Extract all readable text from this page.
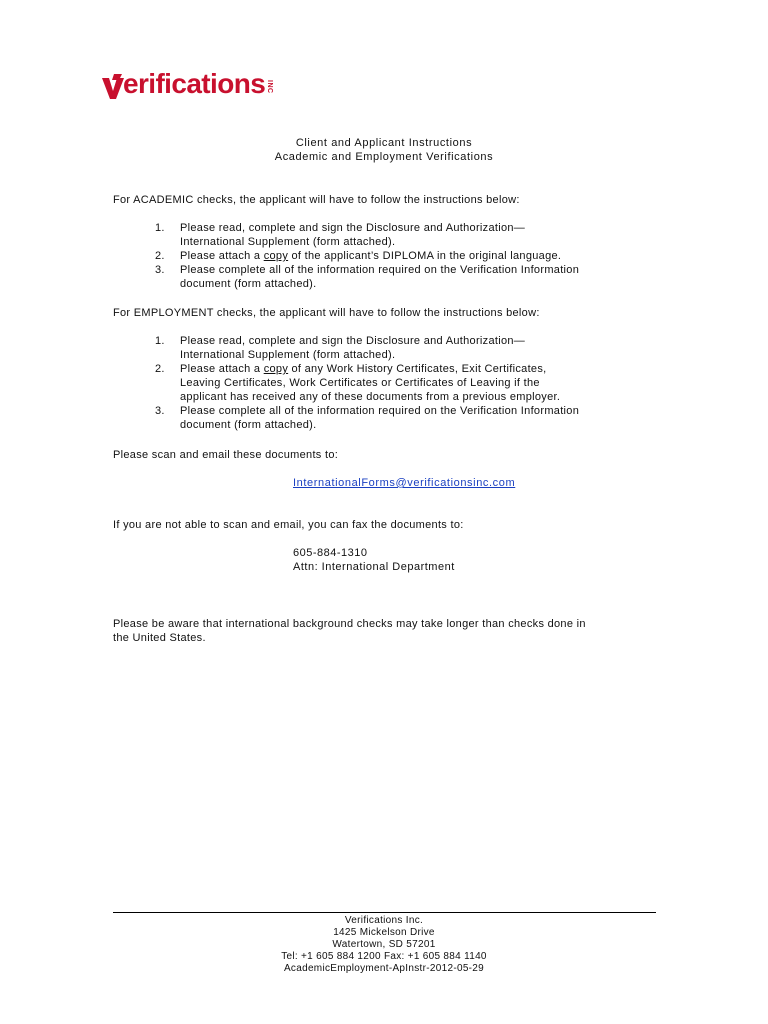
erifications INC
Client and Applicant Instructions
Academic and Employment Verifications
For ACADEMIC checks, the applicant will have to follow the instructions below:
1. Please read, complete and sign the Disclosure and Authorization—
International Supplement (form attached).
2. Please attach a copy of the applicant’s DIPLOMA in the original language.
3. Please complete all of the information required on the Verification Information
document (form attached).
For EMPLOYMENT checks, the applicant will have to follow the instructions below:
1. Please read, complete and sign the Disclosure and Authorization—
International Supplement (form attached).
2. Please attach a copy of any Work History Certificates, Exit Certificates,
Leaving Certificates, Work Certificates or Certificates of Leaving if the
applicant has received any of these documents from a previous employer.
3. Please complete all of the information required on the Verification Information
document (form attached).
Please scan and email these documents to:
InternationalForms@verificationsinc.com
If you are not able to scan and email, you can fax the documents to:
605-884-1310
Attn: International Department
Please be aware that international background checks may take longer than checks done in
the United States.
Verifications Inc.
1425 Mickelson Drive
Watertown, SD 57201
Tel: +1 605 884 1200 Fax: +1 605 884 1140
AcademicEmployment-ApInstr-2012-05-29
